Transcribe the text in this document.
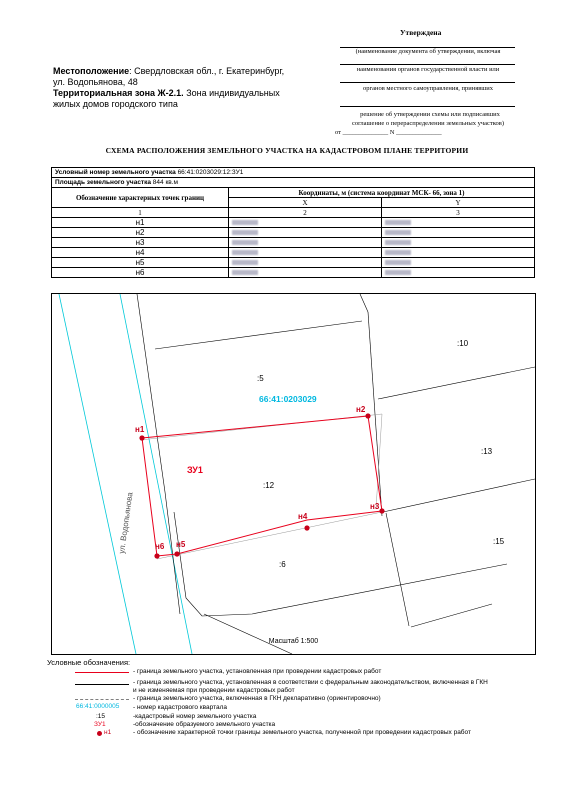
Утверждена
(наименование документа об утверждении, включая
наименования органов государственной власти или
органов местного самоуправления, принявших
решение об утверждении схемы или подписавших
соглашение о перераспределении земельных участков)
от ______________ N ______________
Местоположение: Свердловская обл., г. Екатеринбург,
ул. Водопьянова, 48
Территориальная зона Ж-2.1. Зона индивидуальных
жилых домов городского типа
СХЕМА РАСПОЛОЖЕНИЯ ЗЕМЕЛЬНОГО УЧАСТКА НА КАДАСТРОВОМ ПЛАНЕ ТЕРРИТОРИИ
Условный номер земельного участка 66:41:0203029:12:ЗУ1		
Площадь земельного участка 844 кв.м		
Обозначение характерных точек границ	Координаты, м (система координат МСК- 66, зона 1)	
	X	Y
1	2	3
н1		
н2		
н3		
н4		
н5		
н6		
ул. Водопьянова
66:41:0203029
ЗУ1
:10
:5
:13
:12
:15
:6
н1
н2
н3
н4
н5
н6
Масштаб 1:500
Условные обозначения:
- граница земельного участка, установленная при проведении кадастровых работ
- граница земельного участка, установленная в соответствии с федеральным законодательством, включенная в ГКН
и не изменяемая при проведении кадастровых работ
- граница земельного участка, включенная в ГКН декларативно (ориентировочно)
66:41:0000005 - номер кадастрового квартала
:15	-кадастровый номер земельного участка
ЗУ1	-обозначение образуемого земельного участка
н1	- обозначение характерной точки границы земельного участка, полученной при проведении кадастровых работ
